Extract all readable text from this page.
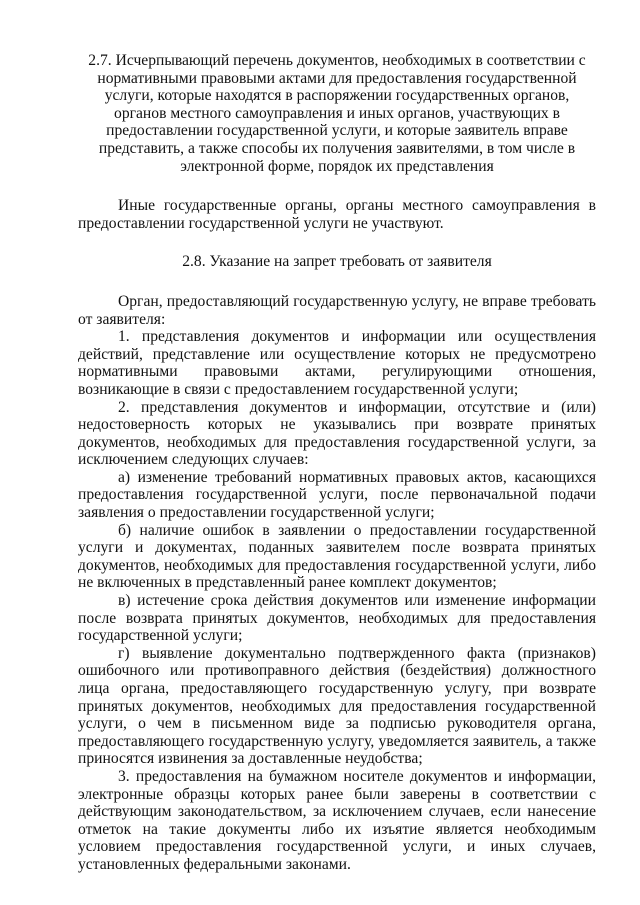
2.7. Исчерпывающий перечень документов, необходимых в соответствии с нормативными правовыми актами для предоставления государственной услуги, которые находятся в распоряжении государственных органов, органов местного самоуправления и иных органов, участвующих в предоставлении государственной услуги, и которые заявитель вправе представить, а также способы их получения заявителями, в том числе в электронной форме, порядок их представления

Иные государственные органы, органы местного самоуправления в предоставлении государственной услуги не участвуют.

2.8. Указание на запрет требовать от заявителя

Орган, предоставляющий государственную услугу, не вправе требовать от заявителя:

1. представления документов и информации или осуществления действий, представление или осуществление которых не предусмотрено нормативными правовыми актами, регулирующими отношения, возникающие в связи с предоставлением государственной услуги;

2. представления документов и информации, отсутствие и (или) недостоверность которых не указывались при возврате принятых документов, необходимых для предоставления государственной услуги, за исключением следующих случаев:

а) изменение требований нормативных правовых актов, касающихся предоставления государственной услуги, после первоначальной подачи заявления о предоставлении государственной услуги;

б) наличие ошибок в заявлении о предоставлении государственной услуги и документах, поданных заявителем после возврата принятых документов, необходимых для предоставления государственной услуги, либо не включенных в представленный ранее комплект документов;

в) истечение срока действия документов или изменение информации после возврата принятых документов, необходимых для предоставления государственной услуги;

г) выявление документально подтвержденного факта (признаков) ошибочного или противоправного действия (бездействия) должностного лица органа, предоставляющего государственную услугу, при возврате принятых документов, необходимых для предоставления государственной услуги, о чем в письменном виде за подписью руководителя органа, предоставляющего государственную услугу, уведомляется заявитель, а также приносятся извинения за доставленные неудобства;

3. предоставления на бумажном носителе документов и информации, электронные образцы которых ранее были заверены в соответствии с действующим законодательством, за исключением случаев, если нанесение отметок на такие документы либо их изъятие является необходимым условием предоставления государственной услуги, и иных случаев, установленных федеральными законами.
